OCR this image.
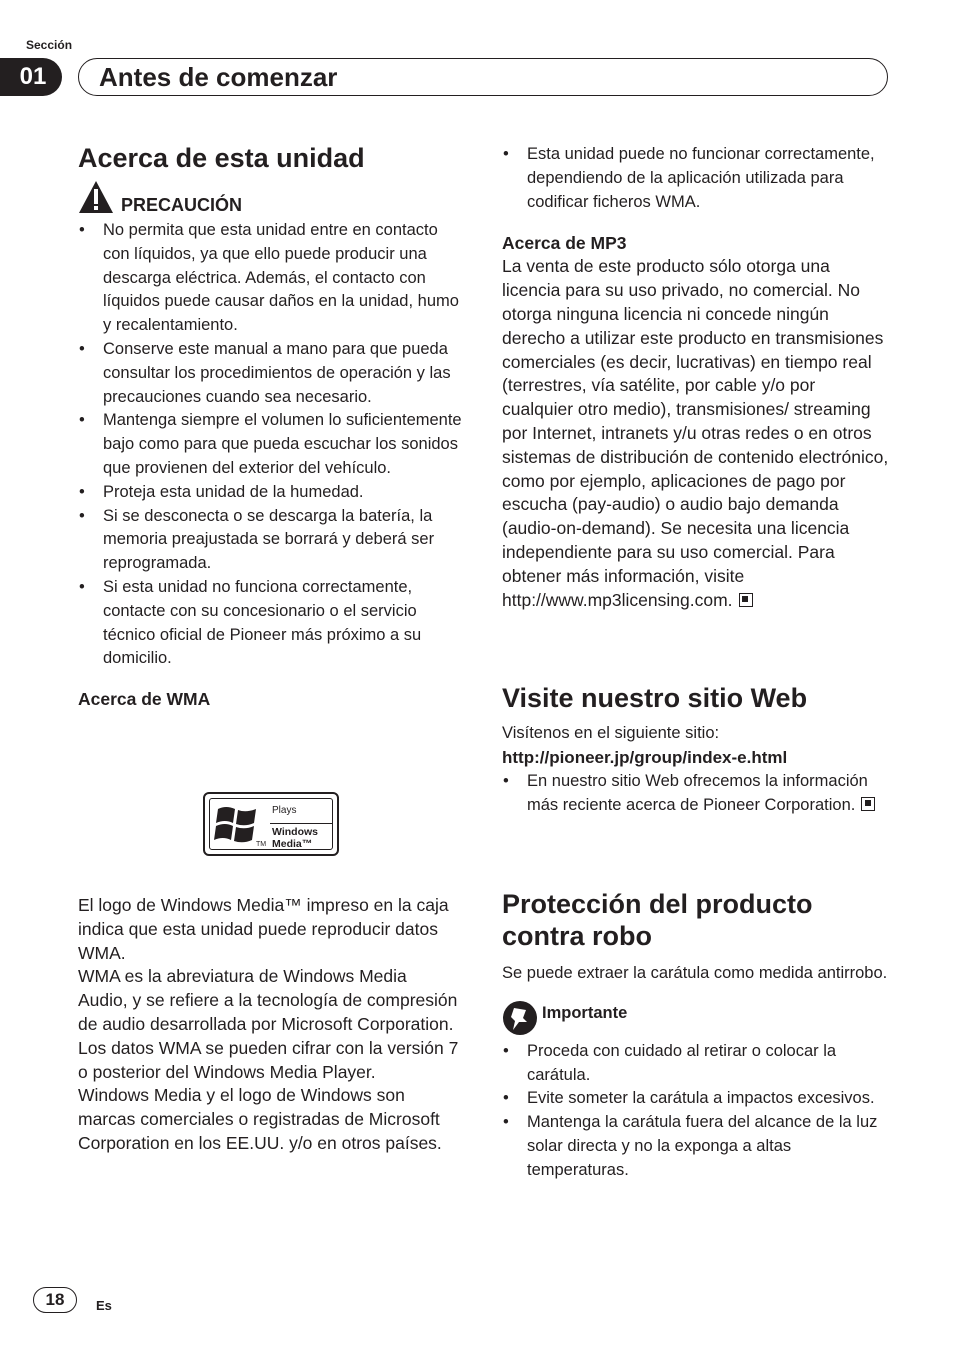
Sección
01	Antes de comenzar
Acerca de esta unidad
PRECAUCIÓN
• No permita que esta unidad entre en contacto con líquidos, ya que ello puede producir una descarga eléctrica. Además, el contacto con líquidos puede causar daños en la unidad, humo y recalentamiento.
• Conserve este manual a mano para que pueda consultar los procedimientos de operación y las precauciones cuando sea necesario.
• Mantenga siempre el volumen lo suficientemente bajo como para que pueda escuchar los sonidos que provienen del exterior del vehículo.
• Proteja esta unidad de la humedad.
• Si se desconecta o se descarga la batería, la memoria preajustada se borrará y deberá ser reprogramada.
• Si esta unidad no funciona correctamente, contacte con su concesionario o el servicio técnico oficial de Pioneer más próximo a su domicilio.
Acerca de WMA
Plays
Windows
Media™
TM
El logo de Windows Media™ impreso en la caja indica que esta unidad puede reproducir datos WMA.
WMA es la abreviatura de Windows Media Audio, y se refiere a la tecnología de compresión de audio desarrollada por Microsoft Corporation. Los datos WMA se pueden cifrar con la versión 7 o posterior del Windows Media Player.
Windows Media y el logo de Windows son marcas comerciales o registradas de Microsoft Corporation en los EE.UU. y/o en otros países.
• Esta unidad puede no funcionar correctamente, dependiendo de la aplicación utilizada para codificar ficheros WMA.
Acerca de MP3
La venta de este producto sólo otorga una licencia para su uso privado, no comercial. No otorga ninguna licencia ni concede ningún derecho a utilizar este producto en transmisiones comerciales (es decir, lucrativas) en tiempo real (terrestres, vía satélite, por cable y/o por cualquier otro medio), transmisiones/ streaming por Internet, intranets y/u otras redes o en otros sistemas de distribución de contenido electrónico, como por ejemplo, aplicaciones de pago por escucha (pay-audio) o audio bajo demanda (audio-on-demand). Se necesita una licencia independiente para su uso comercial. Para obtener más información, visite
http://www.mp3licensing.com.
Visite nuestro sitio Web
Visítenos en el siguiente sitio:
http://pioneer.jp/group/index-e.html
• En nuestro sitio Web ofrecemos la información más reciente acerca de Pioneer Corporation.
Protección del producto
contra robo
Se puede extraer la carátula como medida antirrobo.
Importante
• Proceda con cuidado al retirar o colocar la carátula.
• Evite someter la carátula a impactos excesivos.
• Mantenga la carátula fuera del alcance de la luz solar directa y no la exponga a altas temperaturas.
18	Es
